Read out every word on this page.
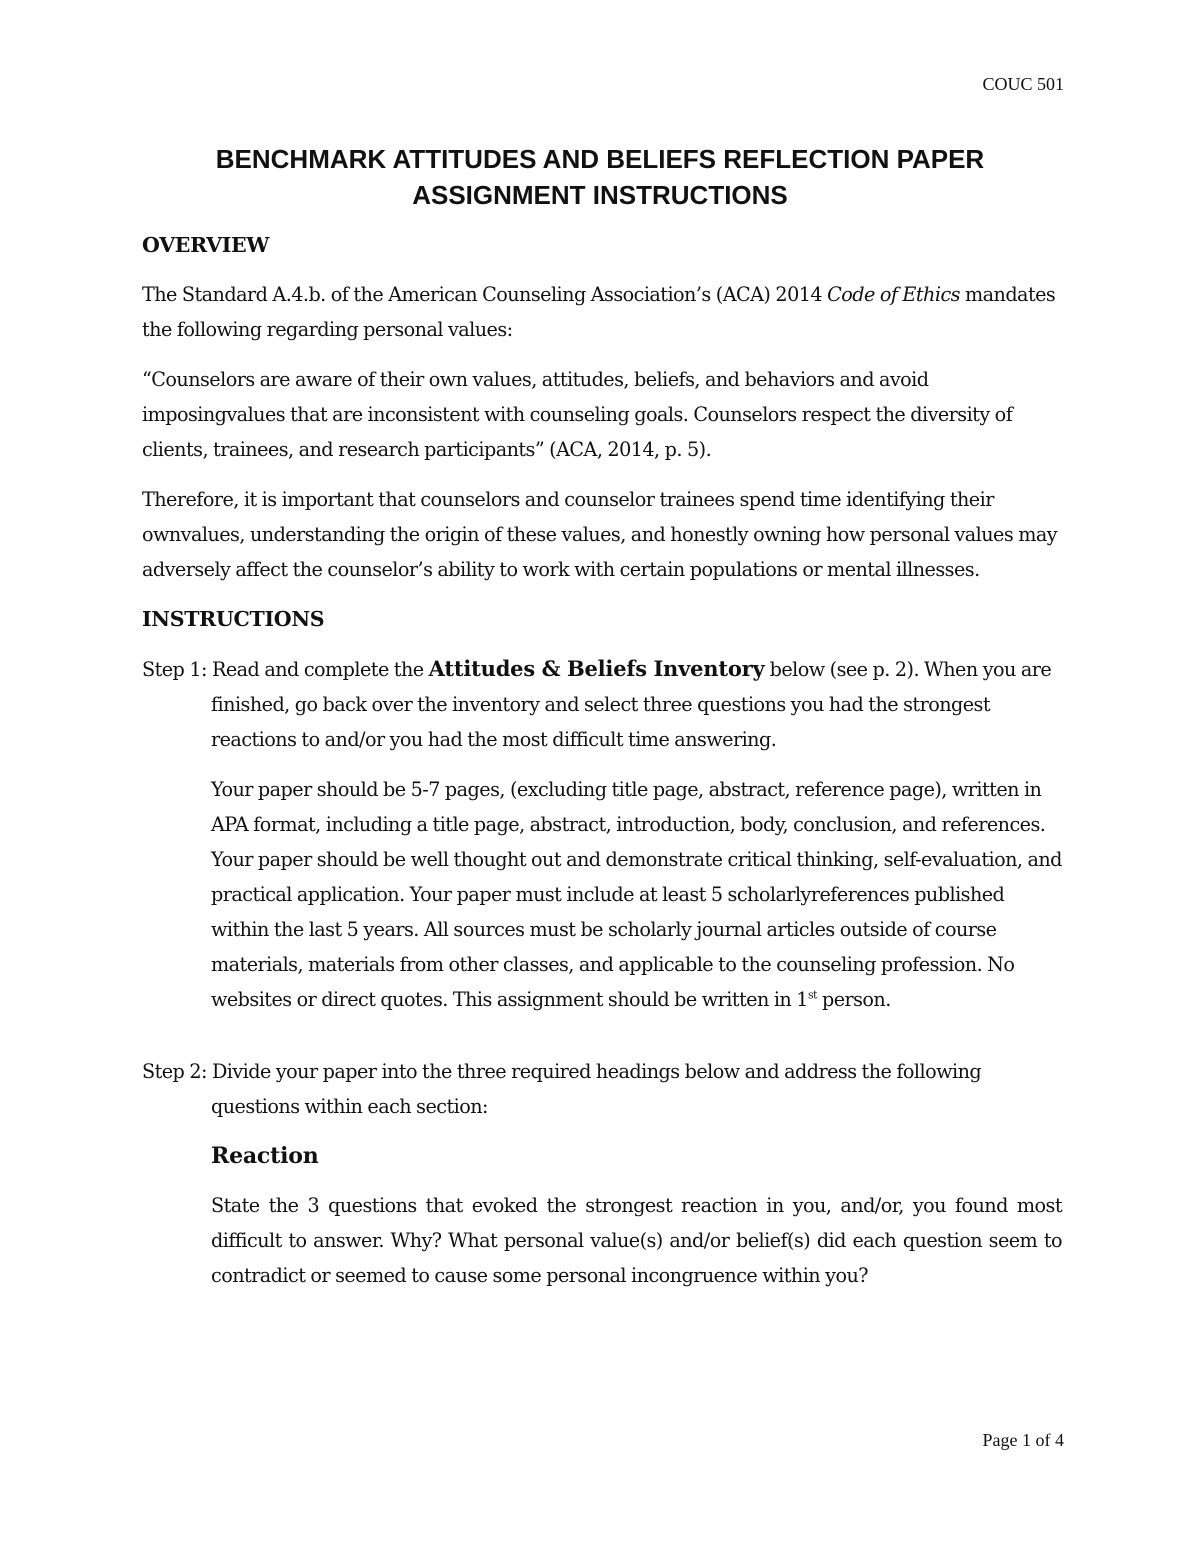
COUC 501
BENCHMARK ATTITUDES AND BELIEFS REFLECTION PAPER
ASSIGNMENT INSTRUCTIONS
OVERVIEW

The Standard A.4.b. of the American Counseling Association’s (ACA) 2014 Code of Ethics mandates the following regarding personal values:

“Counselors are aware of their own values, attitudes, beliefs, and behaviors and avoid imposingvalues that are inconsistent with counseling goals. Counselors respect the diversity of clients, trainees, and research participants” (ACA, 2014, p. 5).

Therefore, it is important that counselors and counselor trainees spend time identifying their ownvalues, understanding the origin of these values, and honestly owning how personal values may adversely affect the counselor’s ability to work with certain populations or mental illnesses.

INSTRUCTIONS

Step 1: Read and complete the Attitudes & Beliefs Inventory below (see p. 2). When you are finished, go back over the inventory and select three questions you had the strongest reactions to and/or you had the most difficult time answering.

Your paper should be 5-7 pages, (excluding title page, abstract, reference page), written in APA format, including a title page, abstract, introduction, body, conclusion, and references. Your paper should be well thought out and demonstrate critical thinking, self-evaluation, and practical application. Your paper must include at least 5 scholarlyreferences published within the last 5 years. All sources must be scholarly journal articles outside of course materials, materials from other classes, and applicable to the counseling profession. No websites or direct quotes. This assignment should be written in 1st person.

Step 2: Divide your paper into the three required headings below and address the following questions within each section:

Reaction

State the 3 questions that evoked the strongest reaction in you, and/or, you found most difficult to answer. Why? What personal value(s) and/or belief(s) did each question seem to contradict or seemed to cause some personal incongruence within you?

Page 1 of 4
